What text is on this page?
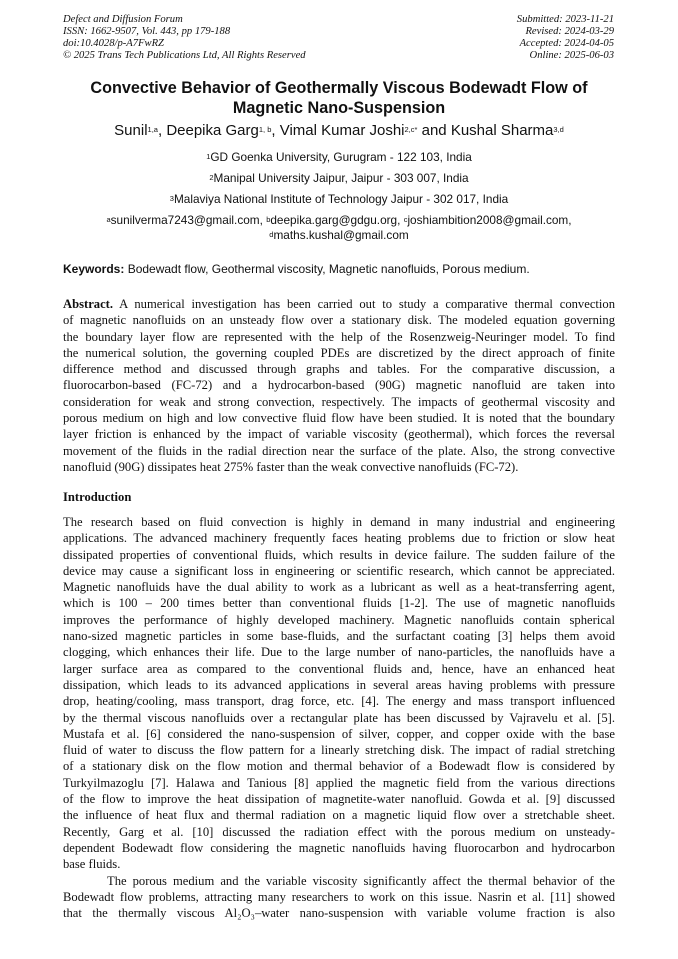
Defect and Diffusion Forum
ISSN: 1662-9507, Vol. 443, pp 179-188
doi:10.4028/p-A7FwRZ
© 2025 Trans Tech Publications Ltd, All Rights Reserved
Submitted: 2023-11-21
Revised: 2024-03-29
Accepted: 2024-04-05
Online: 2025-06-03
Convective Behavior of Geothermally Viscous Bodewadt Flow of
Magnetic Nano-Suspension
Sunil$^{1,a}$, Deepika Garg$^{1, b}$, Vimal Kumar Joshi$^{2,c*}$ and Kushal Sharma$^{3,d}$
$^1$GD Goenka University, Gurugram - 122 103, India
$^2$Manipal University Jaipur, Jaipur - 303 007, India
$^3$Malaviya National Institute of Technology Jaipur - 302 017, India
$^a$sunilverma7243@gmail.com, $^b$deepika.garg@gdgu.org, $^c$joshiambition2008@gmail.com,
$^d$maths.kushal@gmail.com
Keywords: Bodewadt flow, Geothermal viscosity, Magnetic nanofluids, Porous medium.
Abstract. A numerical investigation has been carried out to study a comparative thermal convection
of magnetic nanofluids on an unsteady flow over a stationary disk. The modeled equation governing
the boundary layer flow are represented with the help of the Rosenzweig-Neuringer model. To find
the numerical solution, the governing coupled PDEs are discretized by the direct approach of finite
difference method and discussed through graphs and tables. For the comparative discussion, a
fluorocarbon-based (FC-72) and a hydrocarbon-based (90G) magnetic nanofluid are taken into
consideration for weak and strong convection, respectively. The impacts of geothermal viscosity and
porous medium on high and low convective fluid flow have been studied. It is noted that the boundary
layer friction is enhanced by the impact of variable viscosity (geothermal), which forces the reversal
movement of the fluids in the radial direction near the surface of the plate. Also, the strong convective
nanofluid (90G) dissipates heat 275% faster than the weak convective nanofluids (FC-72).
Introduction
The research based on fluid convection is highly in demand in many industrial and engineering
applications. The advanced machinery frequently faces heating problems due to friction or slow heat
dissipated properties of conventional fluids, which results in device failure. The sudden failure of the
device may cause a significant loss in engineering or scientific research, which cannot be appreciated.
Magnetic nanofluids have the dual ability to work as a lubricant as well as a heat-transferring agent,
which is 100 – 200 times better than conventional fluids [1-2]. The use of magnetic nanofluids
improves the performance of highly developed machinery. Magnetic nanofluids contain spherical
nano-sized magnetic particles in some base-fluids, and the surfactant coating [3] helps them avoid
clogging, which enhances their life. Due to the large number of nano-particles, the nanofluids have a
larger surface area as compared to the conventional fluids and, hence, have an enhanced heat
dissipation, which leads to its advanced applications in several areas having problems with pressure
drop, heating/cooling, mass transport, drag force, etc. [4]. The energy and mass transport influenced
by the thermal viscous nanofluids over a rectangular plate has been discussed by Vajravelu et al. [5].
Mustafa et al. [6] considered the nano-suspension of silver, copper, and copper oxide with the base
fluid of water to discuss the flow pattern for a linearly stretching disk. The impact of radial stretching
of a stationary disk on the flow motion and thermal behavior of a Bodewadt flow is considered by
Turkyilmazoglu [7]. Halawa and Tanious [8] applied the magnetic field from the various directions
of the flow to improve the heat dissipation of magnetite-water nanofluid. Gowda et al. [9] discussed
the influence of heat flux and thermal radiation on a magnetic liquid flow over a stretchable sheet.
Recently, Garg et al. [10] discussed the radiation effect with the porous medium on unsteady-
dependent Bodewadt flow considering the magnetic nanofluids having fluorocarbon and hydrocarbon
base fluids.
The porous medium and the variable viscosity significantly affect the thermal behavior of the
Bodewadt flow problems, attracting many researchers to work on this issue. Nasrin et al. [11] showed
that the thermally viscous Al₂O₃–water nano-suspension with variable volume fraction is also
